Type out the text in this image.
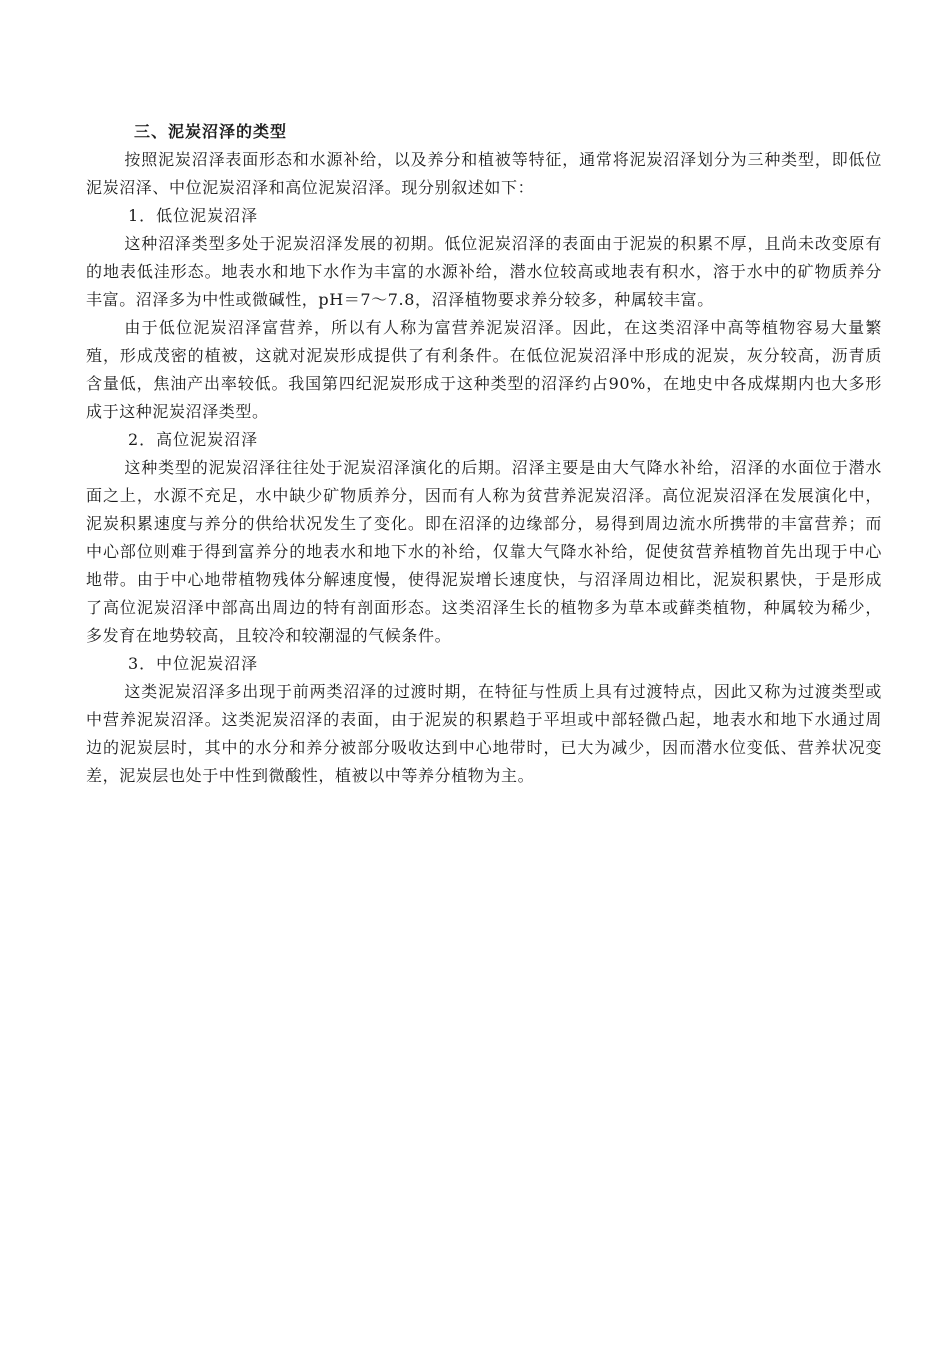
三、泥炭沼泽的类型

按照泥炭沼泽表面形态和水源补给，以及养分和植被等特征，通常将泥炭沼泽划分为三种类型，即低位泥炭沼泽、中位泥炭沼泽和高位泥炭沼泽。现分别叙述如下：

1．低位泥炭沼泽

这种沼泽类型多处于泥炭沼泽发展的初期。低位泥炭沼泽的表面由于泥炭的积累不厚，且尚未改变原有的地表低洼形态。地表水和地下水作为丰富的水源补给，潜水位较高或地表有积水，溶于水中的矿物质养分丰富。沼泽多为中性或微碱性，pH＝7～7.8，沼泽植物要求养分较多，种属较丰富。

由于低位泥炭沼泽富营养，所以有人称为富营养泥炭沼泽。因此，在这类沼泽中高等植物容易大量繁殖，形成茂密的植被，这就对泥炭形成提供了有利条件。在低位泥炭沼泽中形成的泥炭，灰分较高，沥青质含量低，焦油产出率较低。我国第四纪泥炭形成于这种类型的沼泽约占90%，在地史中各成煤期内也大多形成于这种泥炭沼泽类型。

2．高位泥炭沼泽

这种类型的泥炭沼泽往往处于泥炭沼泽演化的后期。沼泽主要是由大气降水补给，沼泽的水面位于潜水面之上，水源不充足，水中缺少矿物质养分，因而有人称为贫营养泥炭沼泽。高位泥炭沼泽在发展演化中，泥炭积累速度与养分的供给状况发生了变化。即在沼泽的边缘部分，易得到周边流水所携带的丰富营养；而中心部位则难于得到富养分的地表水和地下水的补给，仅靠大气降水补给，促使贫营养植物首先出现于中心地带。由于中心地带植物残体分解速度慢，使得泥炭增长速度快，与沼泽周边相比，泥炭积累快，于是形成了高位泥炭沼泽中部高出周边的特有剖面形态。这类沼泽生长的植物多为草本或藓类植物，种属较为稀少，多发育在地势较高，且较冷和较潮湿的气候条件。

3．中位泥炭沼泽

这类泥炭沼泽多出现于前两类沼泽的过渡时期，在特征与性质上具有过渡特点，因此又称为过渡类型或中营养泥炭沼泽。这类泥炭沼泽的表面，由于泥炭的积累趋于平坦或中部轻微凸起，地表水和地下水通过周边的泥炭层时，其中的水分和养分被部分吸收达到中心地带时，已大为减少，因而潜水位变低、营养状况变差，泥炭层也处于中性到微酸性，植被以中等养分植物为主。
